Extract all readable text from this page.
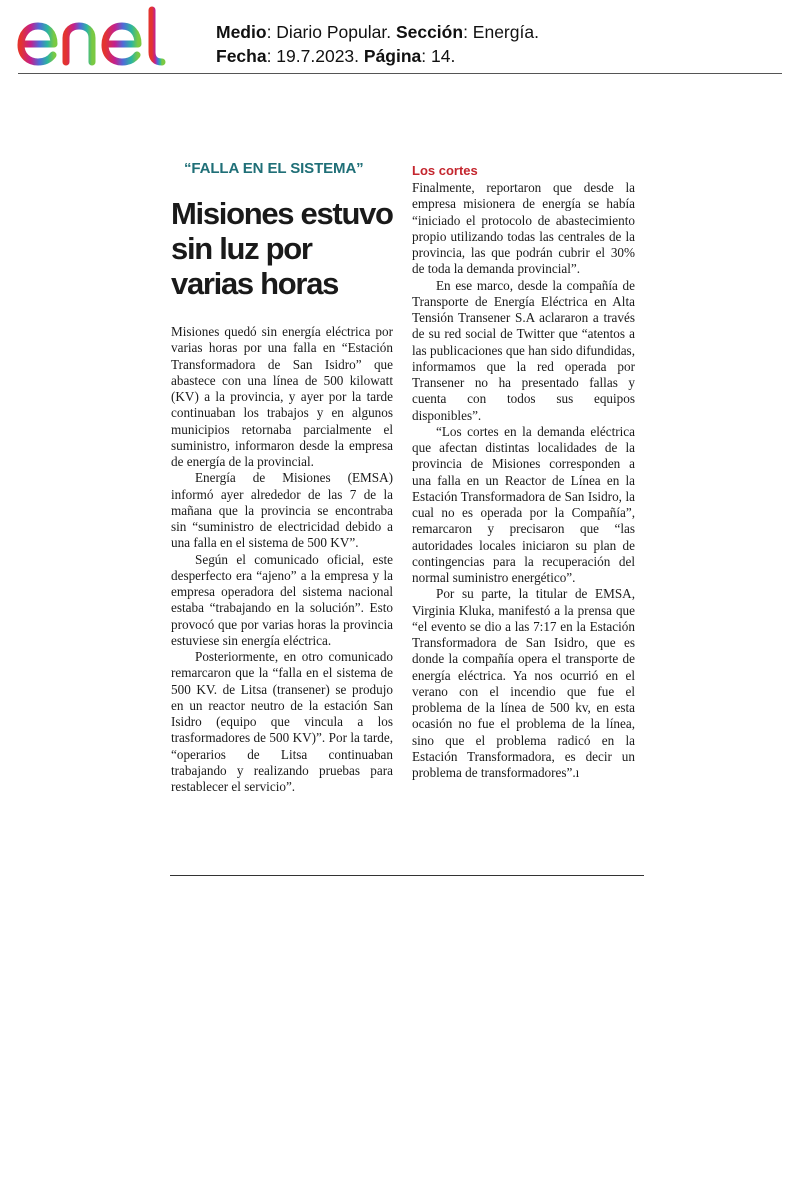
Medio: Diario Popular. Sección: Energía.
Fecha: 19.7.2023. Página: 14.
“FALLA EN EL SISTEMA”
Misiones estuvo
sin luz por
varias horas

Misiones quedó sin energía eléctrica por varias horas por una falla en “Estación Transformadora de San Isidro” que abastece con una línea de 500 kilowatt (KV) a la provincia, y ayer por la tarde continuaban los trabajos y en algunos municipios retornaba parcialmente el suministro, informaron desde la empresa de energía de la provincial.

Energía de Misiones (EMSA) informó ayer alrededor de las 7 de la mañana que la provincia se encontraba sin “suministro de electricidad debido a una falla en el sistema de 500 KV”.

Según el comunicado oficial, este desperfecto era “ajeno” a la empresa y la empresa operadora del sistema nacional estaba “trabajando en la solución”. Esto provocó que por varias horas la provincia estuviese sin energía eléctrica.

Posteriormente, en otro comunicado remarcaron que la “falla en el sistema de 500 KV. de Litsa (transener) se produjo en un reactor neutro de la estación San Isidro (equipo que vincula a los trasformadores de 500 KV)”. Por la tarde, “operarios de Litsa continuaban trabajando y realizando pruebas para restablecer el servicio”.

Los cortes

Finalmente, reportaron que desde la empresa misionera de energía se había “iniciado el protocolo de abastecimiento propio utilizando todas las centrales de la provincia, las que podrán cubrir el 30% de toda la demanda provincial”.

En ese marco, desde la compañía de Transporte de Energía Eléctrica en Alta Tensión Transener S.A aclararon a través de su red social de Twitter que “atentos a las publicaciones que han sido difundidas, informamos que la red operada por Transener no ha presentado fallas y cuenta con todos sus equipos disponibles”.

“Los cortes en la demanda eléctrica que afectan distintas localidades de la provincia de Misiones corresponden a una falla en un Reactor de Línea en la Estación Transformadora de San Isidro, la cual no es operada por la Compañía”, remarcaron y precisaron que “las autoridades locales iniciaron su plan de contingencias para la recuperación del normal suministro energético”.

Por su parte, la titular de EMSA, Virginia Kluka, manifestó a la prensa que “el evento se dio a las 7:17 en la Estación Transformadora de San Isidro, que es donde la compañía opera el transporte de energía eléctrica. Ya nos ocurrió en el verano con el incendio que fue el problema de la línea de 500 kv, en esta ocasión no fue el problema de la línea, sino que el problema radicó en la Estación Transformadora, es decir un problema de transformadores”.ı
